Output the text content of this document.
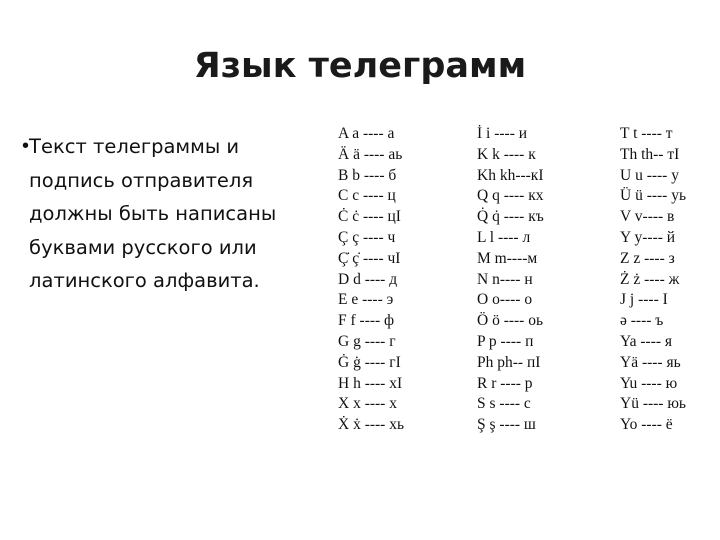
Язык телеграмм
• Текст телеграммы и подпись отправителя должны быть написаны буквами русского или латинского алфавита.
A a ---- а
Ä ä ---- аь
B b ---- б
C c ---- ц
Ċ ċ ---- цI
Ç ç ---- ч
Ç̇ ç̇ ---- чI
D d ---- д
E e ---- э
F f ---- ф
G g ---- г
Ġ ġ ---- гI
H h ---- хI
X x ---- х
Ẋ ẋ ---- хь
İ i ---- и
K k ---- к
Kh kh---кI
Q q ---- кх
Q̇ q̇ ---- къ
L l ---- л
M m----м
N n---- н
O o---- о
Ö ö ---- оь
P p ---- п
Ph ph-- пI
R r ---- р
S s ---- с
Ş ş ---- ш
T t ---- т
Th th-- тI
U u ---- у
Ü ü ---- уь
V v---- в
Y y---- й
Z z ---- з
Ż ż ---- ж
J j ---- I
ə ---- ъ
Ya ---- я
Yä ---- яь
Yu ---- ю
Yü ---- юь
Yo ---- ё
